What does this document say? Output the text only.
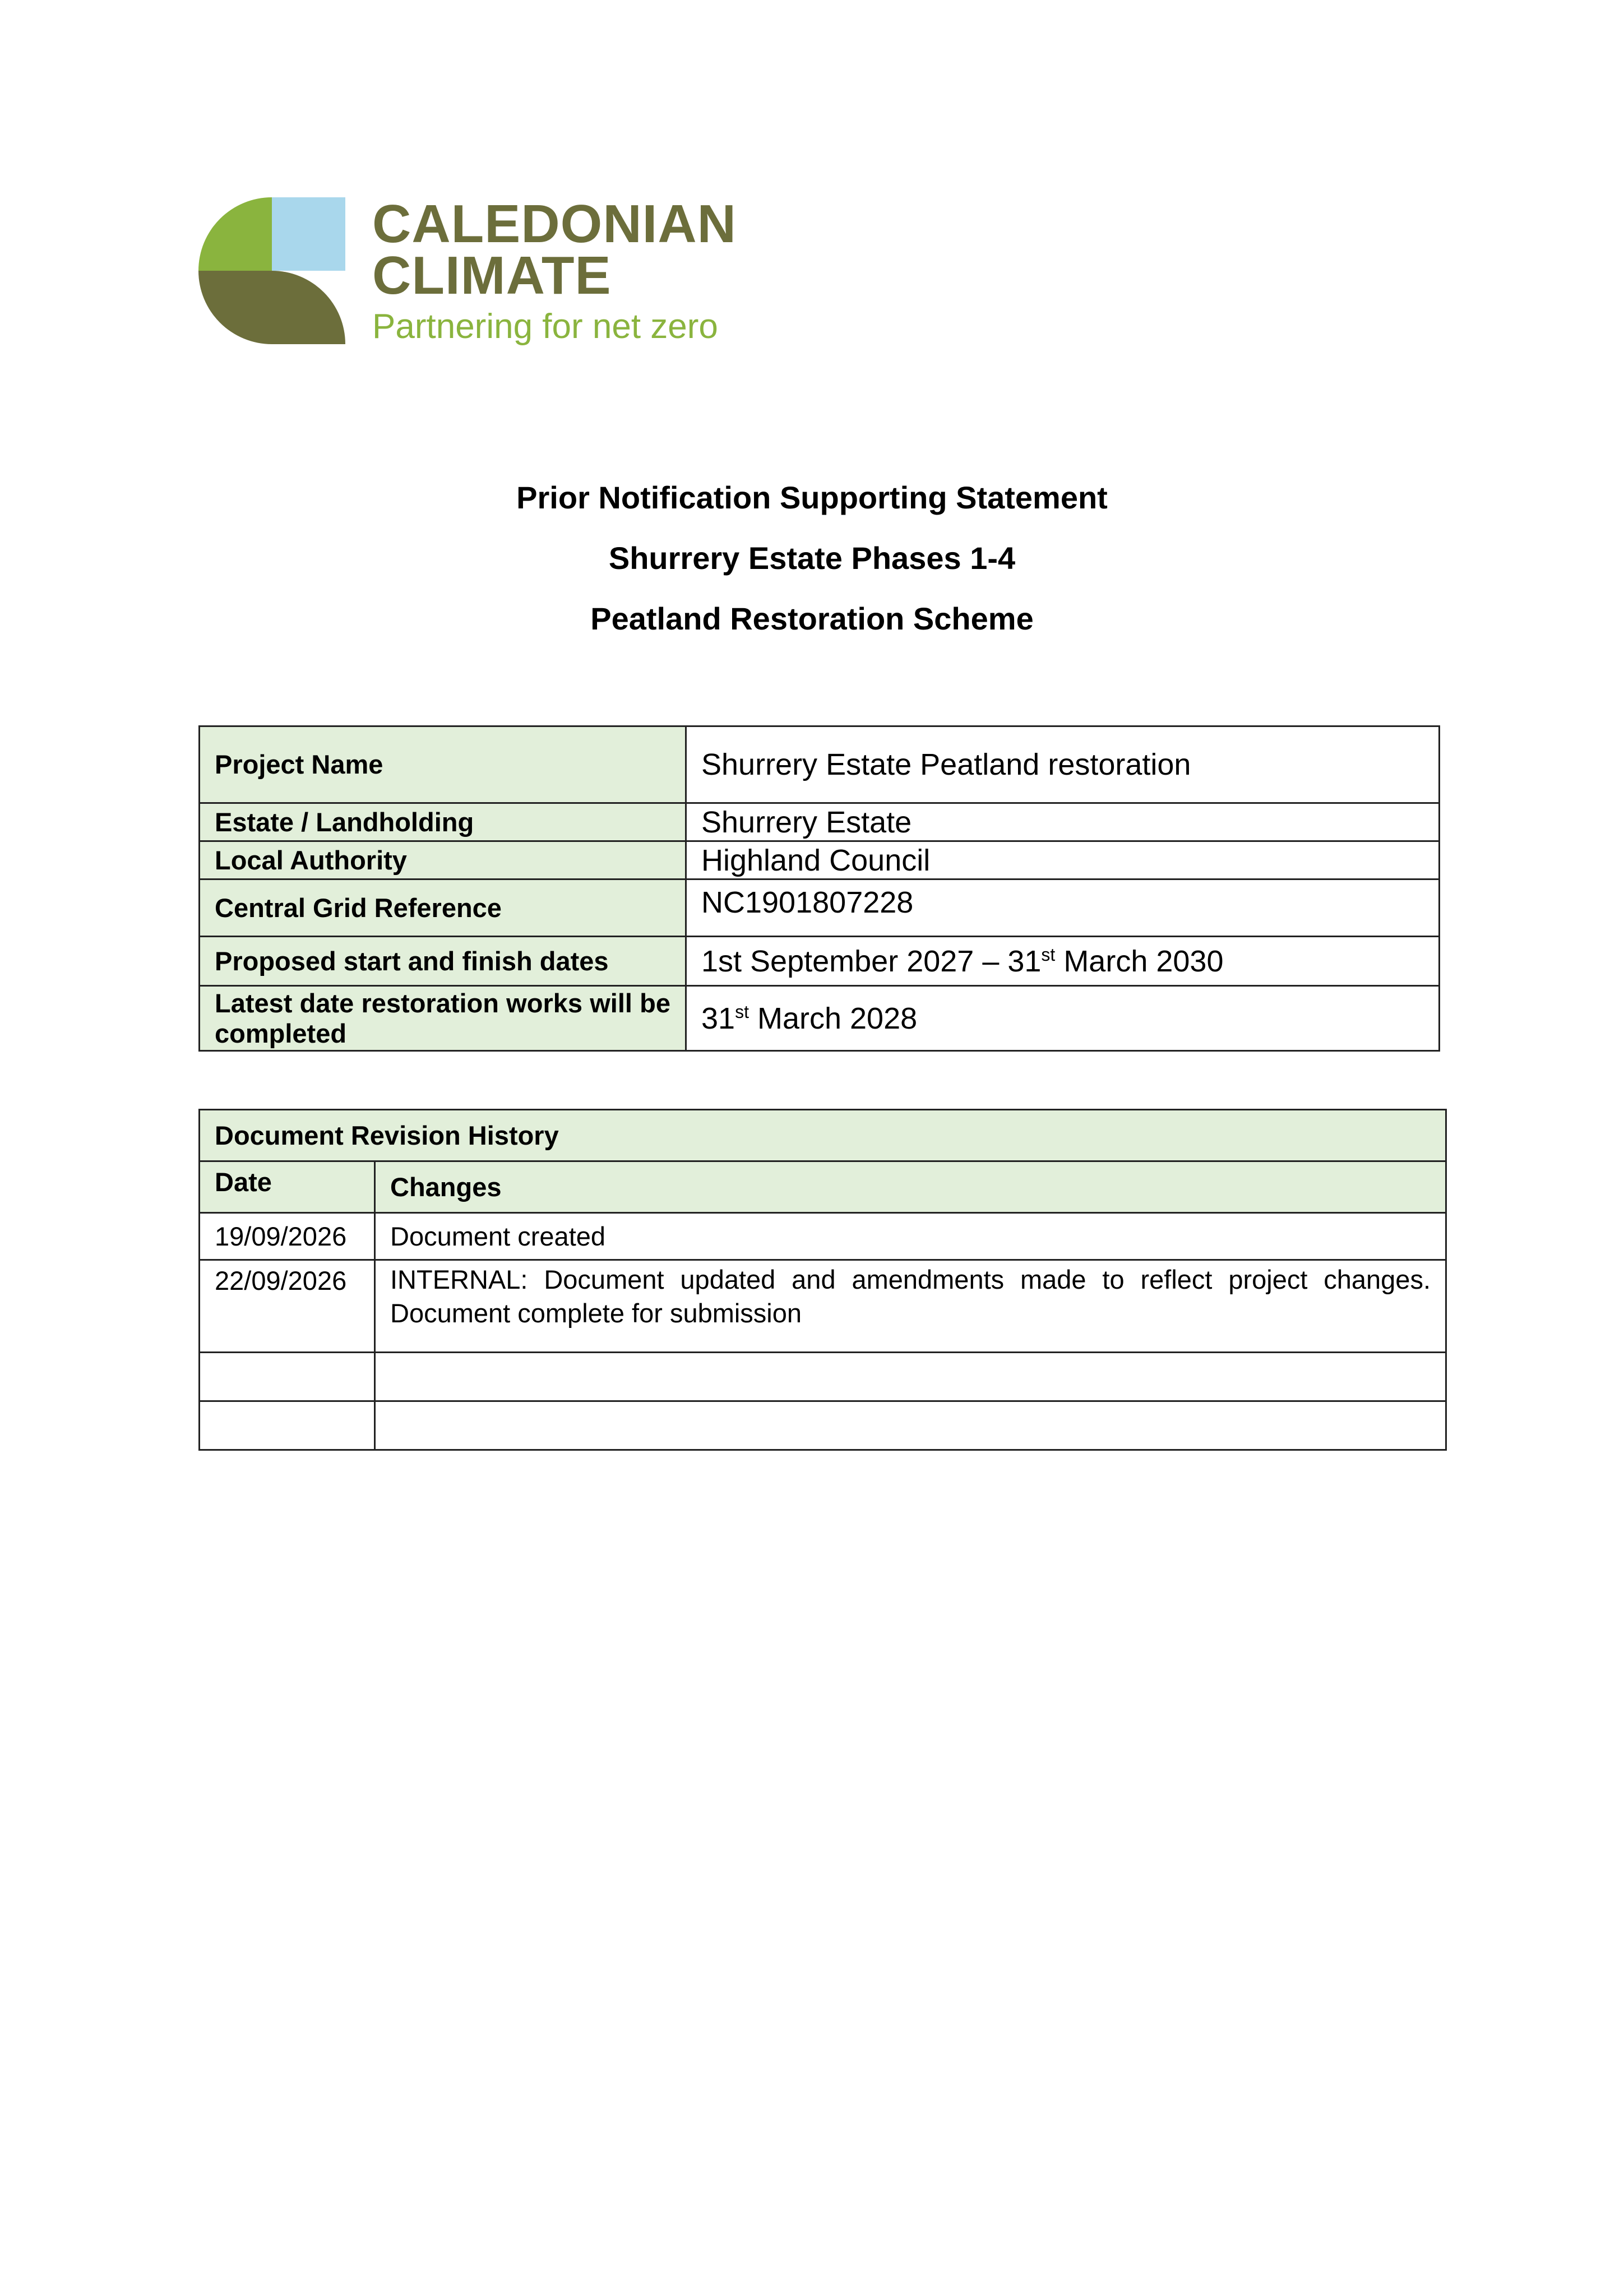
CALEDONIAN
CLIMATE
Partnering for net zero
Prior Notification Supporting Statement
Shurrery Estate Phases 1-4
Peatland Restoration Scheme
Project Name	Shurrery Estate Peatland restoration
Estate / Landholding	Shurrery Estate
Local Authority	Highland Council
Central Grid Reference	NC1901807228
Proposed start and finish dates	1st September 2027 – 31st March 2030
Latest date restoration works will be completed	31st March 2028
Document Revision History	
Date	Changes
19/09/2026	Document created
22/09/2026	INTERNAL: Document updated and amendments made to reflect project changes. Document complete for submission
